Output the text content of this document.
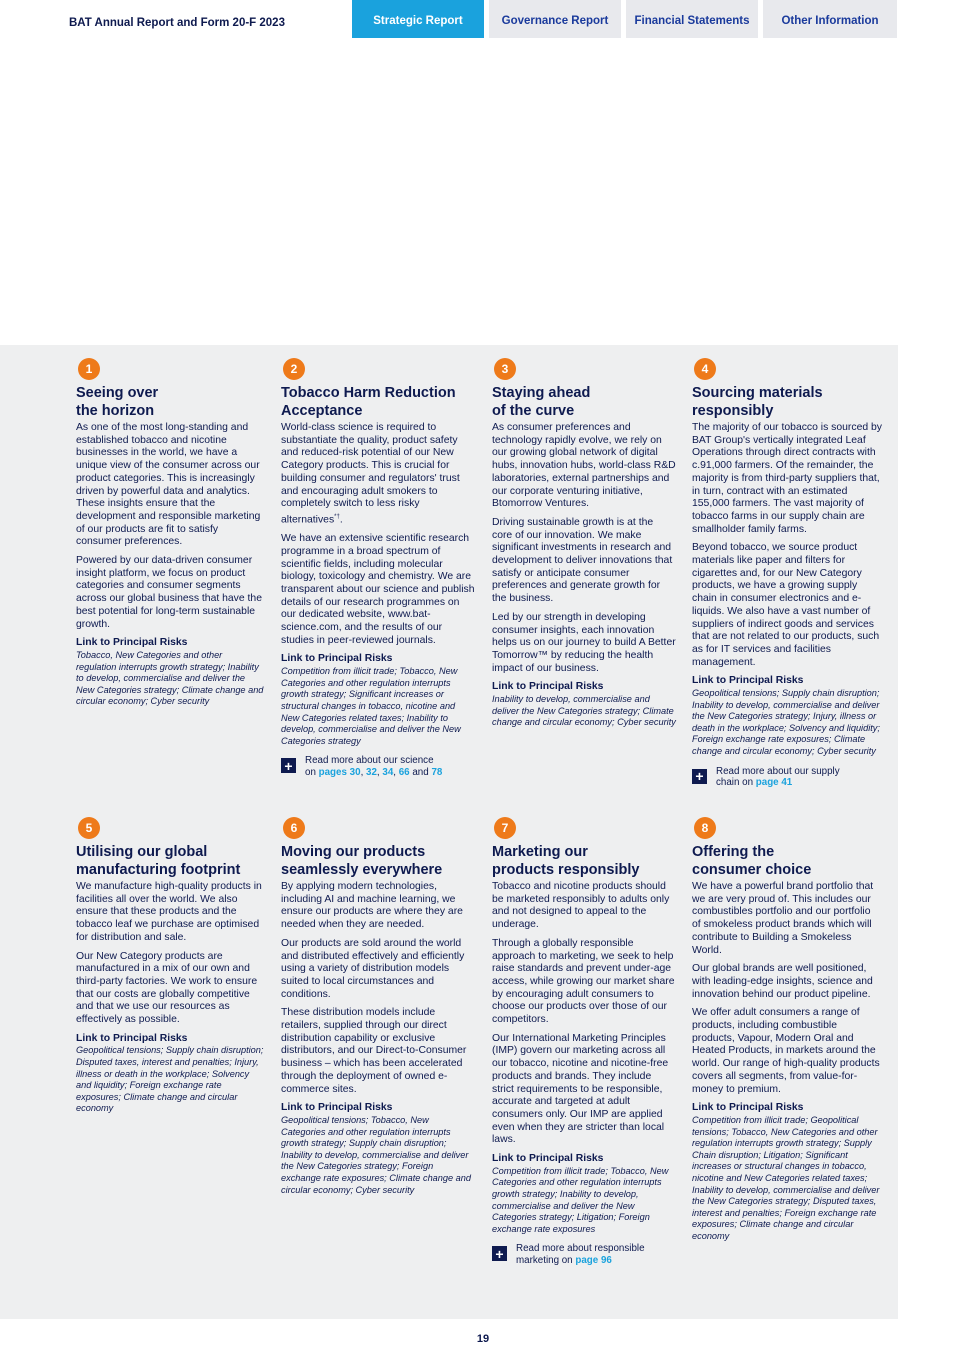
BAT Annual Report and Form 20-F 2023	Strategic Report	Governance Report	Financial Statements	Other Information
1
Seeing over
the horizon

As one of the most long-standing and established tobacco and nicotine businesses in the world, we have a unique view of the consumer across our product categories. This is increasingly driven by powerful data and analytics. These insights ensure that the development and responsible marketing of our products are fit to satisfy consumer preferences.

Powered by our data-driven consumer insight platform, we focus on product categories and consumer segments across our global business that have the best potential for long-term sustainable growth.

Link to Principal Risks

Tobacco, New Categories and other regulation interrupts growth strategy; Inability to develop, commercialise and deliver the New Categories strategy; Climate change and circular economy; Cyber security

2
Tobacco Harm Reduction
Acceptance

World-class science is required to substantiate the quality, product safety and reduced-risk potential of our New Category products. This is crucial for building consumer and regulators' trust and encouraging adult smokers to completely switch to less risky alternatives*†.

We have an extensive scientific research programme in a broad spectrum of scientific fields, including molecular biology, toxicology and chemistry. We are transparent about our science and publish details of our research programmes on our dedicated website, www.bat-science.com, and the results of our studies in peer-reviewed journals.

Link to Principal Risks

Competition from illicit trade; Tobacco, New Categories and other regulation interrupts growth strategy; Significant increases or structural changes in tobacco, nicotine and New Categories related taxes; Inability to develop, commercialise and deliver the New Categories strategy

+	Read more about our science
on pages 30, 32, 34, 66 and 78
3
Staying ahead
of the curve

As consumer preferences and technology rapidly evolve, we rely on our growing global network of digital hubs, innovation hubs, world-class R&D laboratories, external partnerships and our corporate venturing initiative, Btomorrow Ventures.

Driving sustainable growth is at the core of our innovation. We make significant investments in research and development to deliver innovations that satisfy or anticipate consumer preferences and generate growth for the business.

Led by our strength in developing consumer insights, each innovation helps us on our journey to build A Better Tomorrow™ by reducing the health impact of our business.

Link to Principal Risks

Inability to develop, commercialise and deliver the New Categories strategy; Climate change and circular economy; Cyber security

4
Sourcing materials
responsibly

The majority of our tobacco is sourced by BAT Group's vertically integrated Leaf Operations through direct contracts with c.91,000 farmers. Of the remainder, the majority is from third-party suppliers that, in turn, contract with an estimated 155,000 farmers. The vast majority of tobacco farms in our supply chain are smallholder family farms.

Beyond tobacco, we source product materials like paper and filters for cigarettes and, for our New Category products, we have a growing supply chain in consumer electronics and e-liquids. We also have a vast number of suppliers of indirect goods and services that are not related to our products, such as for IT services and facilities management.

Link to Principal Risks

Geopolitical tensions; Supply chain disruption; Inability to develop, commercialise and deliver the New Categories strategy; Injury, illness or death in the workplace; Solvency and liquidity; Foreign exchange rate exposures; Climate change and circular economy; Cyber security

+	Read more about our supply
chain on page 41
5
Utilising our global
manufacturing footprint

We manufacture high-quality products in facilities all over the world. We also ensure that these products and the tobacco leaf we purchase are optimised for distribution and sale.

Our New Category products are manufactured in a mix of our own and third-party factories. We work to ensure that our costs are globally competitive and that we use our resources as effectively as possible.

Link to Principal Risks

Geopolitical tensions; Supply chain disruption; Disputed taxes, interest and penalties; Injury, illness or death in the workplace; Solvency and liquidity; Foreign exchange rate exposures; Climate change and circular economy

6
Moving our products
seamlessly everywhere

By applying modern technologies, including AI and machine learning, we ensure our products are where they are needed when they are needed.

Our products are sold around the world and distributed effectively and efficiently using a variety of distribution models suited to local circumstances and conditions.

These distribution models include retailers, supplied through our direct distribution capability or exclusive distributors, and our Direct-to-Consumer business – which has been accelerated through the deployment of owned e-commerce sites.

Link to Principal Risks

Geopolitical tensions; Tobacco, New Categories and other regulation interrupts growth strategy; Supply chain disruption; Inability to develop, commercialise and deliver the New Categories strategy; Foreign exchange rate exposures; Climate change and circular economy; Cyber security

7
Marketing our
products responsibly

Tobacco and nicotine products should be marketed responsibly to adults only and not designed to appeal to the underage.

Through a globally responsible approach to marketing, we seek to help raise standards and prevent under-age access, while growing our market share by encouraging adult consumers to choose our products over those of our competitors.

Our International Marketing Principles (IMP) govern our marketing across all our tobacco, nicotine and nicotine-free products and brands. They include strict requirements to be responsible, accurate and targeted at adult consumers only. Our IMP are applied even when they are stricter than local laws.

Link to Principal Risks

Competition from illicit trade; Tobacco, New Categories and other regulation interrupts growth strategy; Inability to develop, commercialise and deliver the New Categories strategy; Litigation; Foreign exchange rate exposures

+	Read more about responsible
marketing on page 96
8
Offering the
consumer choice

We have a powerful brand portfolio that we are very proud of. This includes our combustibles portfolio and our portfolio of smokeless product brands which will contribute to Building a Smokeless World.

Our global brands are well positioned, with leading-edge insights, science and innovation behind our product pipeline.

We offer adult consumers a range of products, including combustible products, Vapour, Modern Oral and Heated Products, in markets around the world. Our range of high-quality products covers all segments, from value-for-money to premium.

Link to Principal Risks

Competition from illicit trade; Geopolitical tensions; Tobacco, New Categories and other regulation interrupts growth strategy; Supply Chain disruption; Litigation; Significant increases or structural changes in tobacco, nicotine and New Categories related taxes; Inability to develop, commercialise and deliver the New Categories strategy; Disputed taxes, interest and penalties; Foreign exchange rate exposures; Climate change and circular economy

19
